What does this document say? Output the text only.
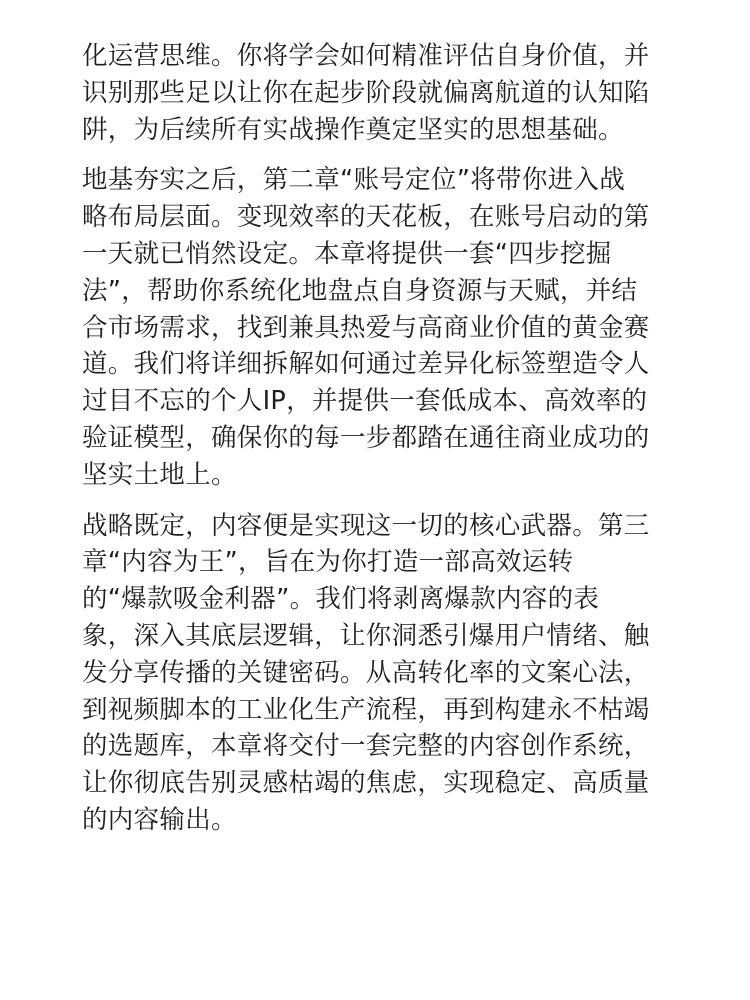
化运营思维。你将学会如何精准评估自身价值，并
识别那些足以让你在起步阶段就偏离航道的认知陷
阱，为后续所有实战操作奠定坚实的思想基础。

地基夯实之后，第二章“账号定位”将带你进入战
略布局层面。变现效率的天花板，在账号启动的第
一天就已悄然设定。本章将提供一套“四步挖掘
法”，帮助你系统化地盘点自身资源与天赋，并结
合市场需求，找到兼具热爱与高商业价值的黄金赛
道。我们将详细拆解如何通过差异化标签塑造令人
过目不忘的个人IP，并提供一套低成本、高效率的
验证模型，确保你的每一步都踏在通往商业成功的
坚实土地上。

战略既定，内容便是实现这一切的核心武器。第三
章“内容为王”，旨在为你打造一部高效运转
的“爆款吸金利器”。我们将剥离爆款内容的表
象，深入其底层逻辑，让你洞悉引爆用户情绪、触
发分享传播的关键密码。从高转化率的文案心法，
到视频脚本的工业化生产流程，再到构建永不枯竭
的选题库，本章将交付一套完整的内容创作系统，
让你彻底告别灵感枯竭的焦虑，实现稳定、高质量
的内容输出。
